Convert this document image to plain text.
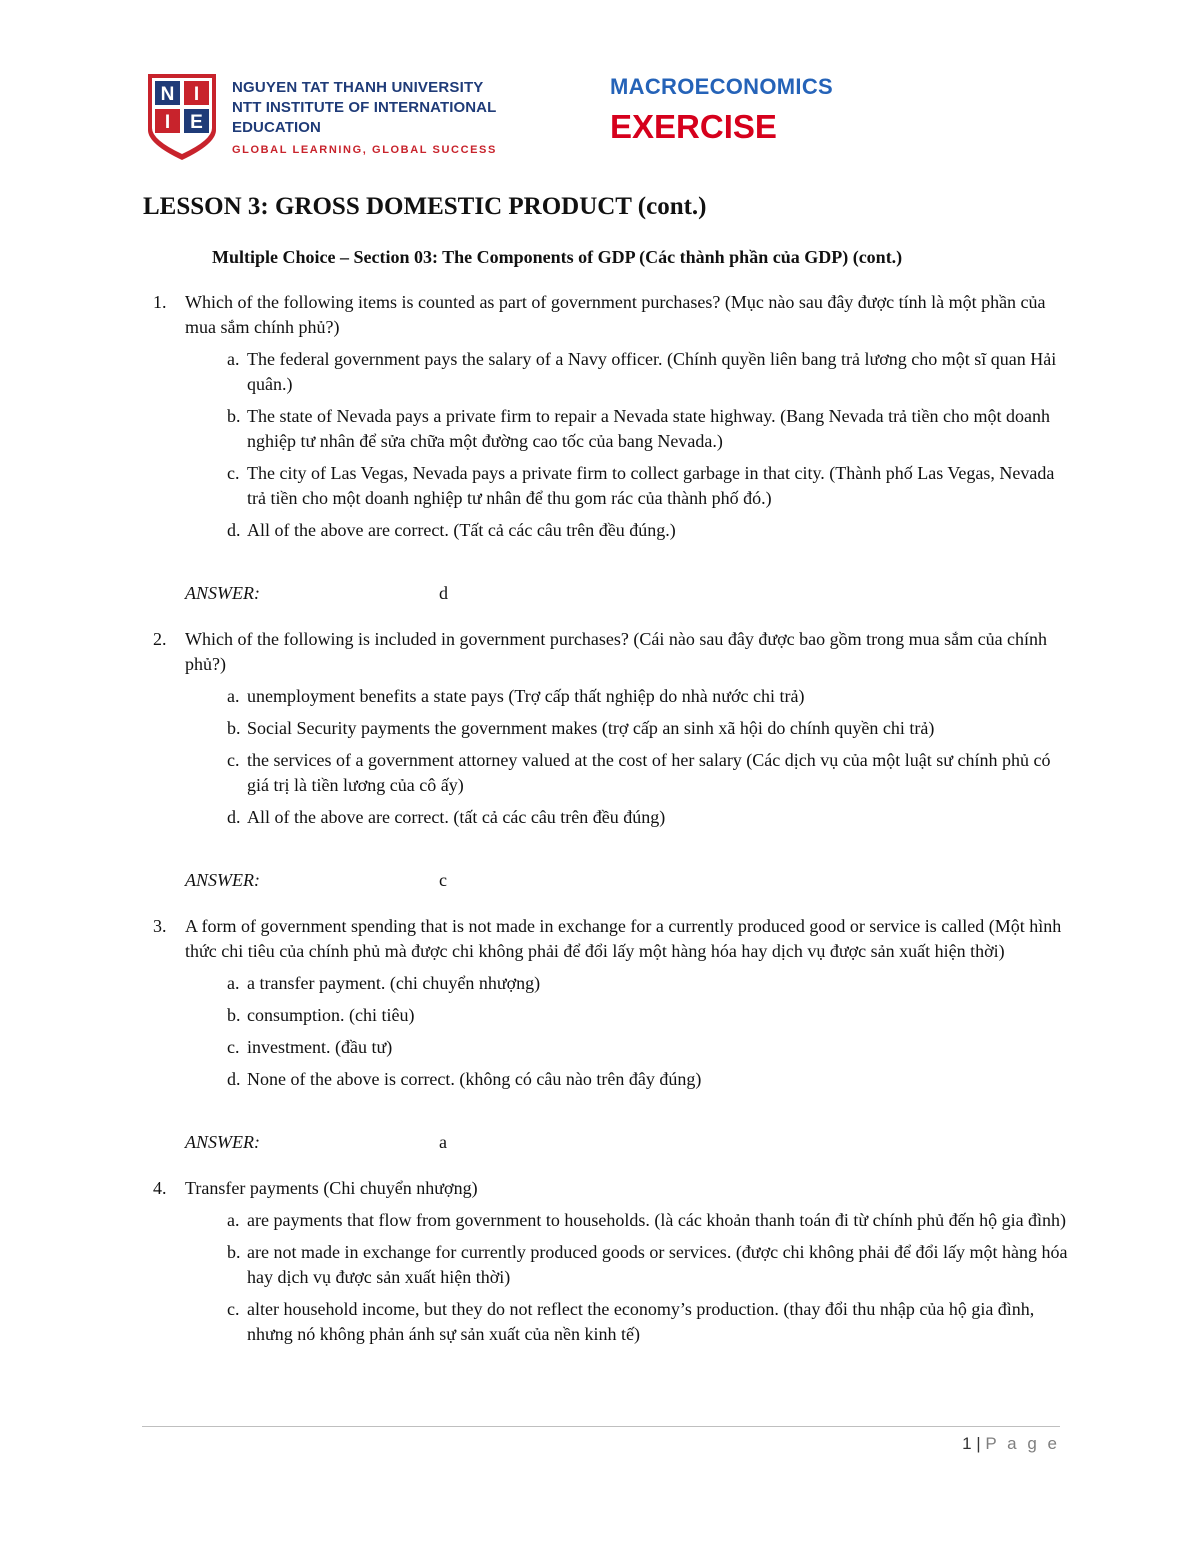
N I
I E
NGUYEN TAT THANH UNIVERSITY
NTT INSTITUTE OF INTERNATIONAL EDUCATION
GLOBAL LEARNING, GLOBAL SUCCESS
MACROECONOMICS
EXERCISE
LESSON 3: GROSS DOMESTIC PRODUCT (cont.)
Multiple Choice – Section 03: The Components of GDP (Các thành phần của GDP) (cont.)
1. Which of the following items is counted as part of government purchases? (Mục nào sau đây được tính là một phần của mua sắm chính phủ?)
a. The federal government pays the salary of a Navy officer. (Chính quyền liên bang trả lương cho một sĩ quan Hải quân.)
b. The state of Nevada pays a private firm to repair a Nevada state highway. (Bang Nevada trả tiền cho một doanh nghiệp tư nhân để sửa chữa một đường cao tốc của bang Nevada.)
c. The city of Las Vegas, Nevada pays a private firm to collect garbage in that city. (Thành phố Las Vegas, Nevada trả tiền cho một doanh nghiệp tư nhân để thu gom rác của thành phố đó.)
d. All of the above are correct. (Tất cả các câu trên đều đúng.)
ANSWER:	d
2. Which of the following is included in government purchases? (Cái nào sau đây được bao gồm trong mua sắm của chính phủ?)
a. unemployment benefits a state pays (Trợ cấp thất nghiệp do nhà nước chi trả)
b. Social Security payments the government makes (trợ cấp an sinh xã hội do chính quyền chi trả)
c. the services of a government attorney valued at the cost of her salary (Các dịch vụ của một luật sư chính phủ có giá trị là tiền lương của cô ấy)
d. All of the above are correct. (tất cả các câu trên đều đúng)
ANSWER:	c
3. A form of government spending that is not made in exchange for a currently produced good or service is called (Một hình thức chi tiêu của chính phủ mà được chi không phải để đổi lấy một hàng hóa hay dịch vụ được sản xuất hiện thời)
a. a transfer payment. (chi chuyển nhượng)
b. consumption. (chi tiêu)
c. investment. (đầu tư)
d. None of the above is correct. (không có câu nào trên đây đúng)
ANSWER:	a
4. Transfer payments (Chi chuyển nhượng)
a. are payments that flow from government to households. (là các khoản thanh toán đi từ chính phủ đến hộ gia đình)
b. are not made in exchange for currently produced goods or services. (được chi không phải để đổi lấy một hàng hóa hay dịch vụ được sản xuất hiện thời)
c. alter household income, but they do not reflect the economy’s production. (thay đổi thu nhập của hộ gia đình, nhưng nó không phản ánh sự sản xuất của nền kinh tế)
1 | P a g e
